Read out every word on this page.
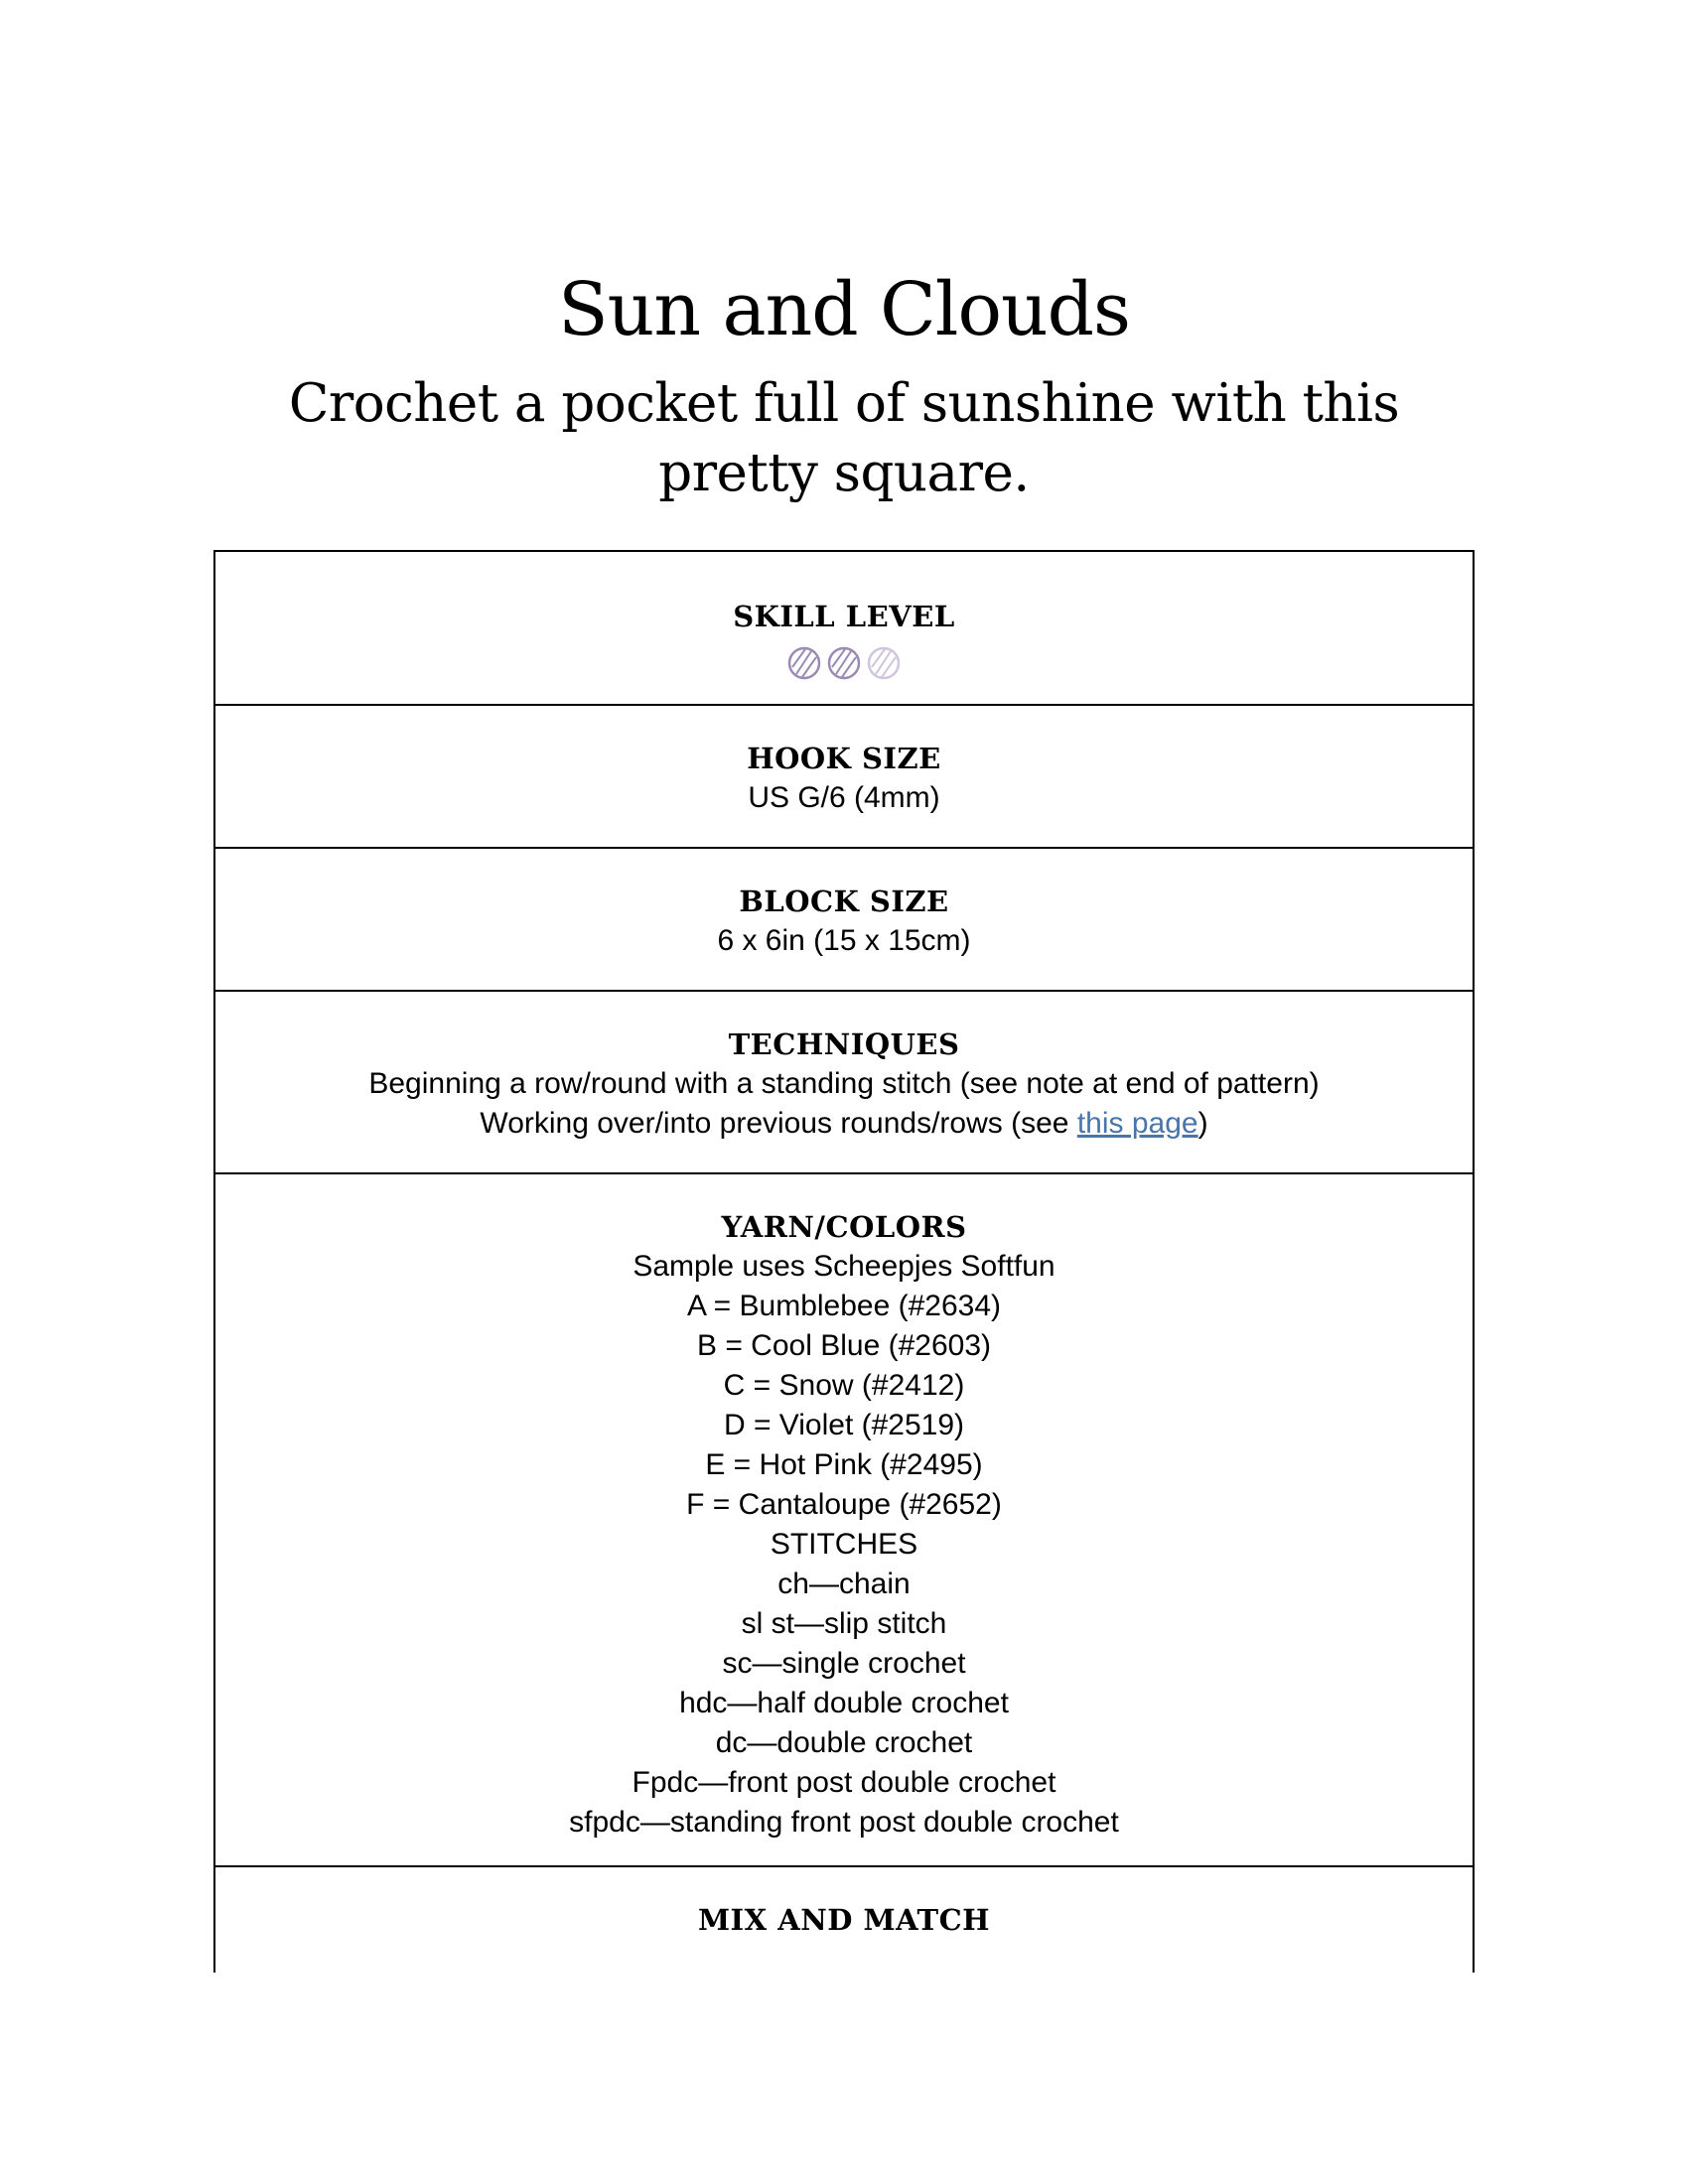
Sun and Clouds
Crochet a pocket full of sunshine with this pretty square.
SKILL LEVEL
HOOK SIZE
US G/6 (4mm)
BLOCK SIZE
6 x 6in (15 x 15cm)
TECHNIQUES
Beginning a row/round with a standing stitch (see note at end of pattern)
Working over/into previous rounds/rows (see this page)
YARN/COLORS
Sample uses Scheepjes Softfun
A = Bumblebee (#2634)
B = Cool Blue (#2603)
C = Snow (#2412)
D = Violet (#2519)
E = Hot Pink (#2495)
F = Cantaloupe (#2652)
STITCHES
ch—chain
sl st—slip stitch
sc—single crochet
hdc—half double crochet
dc—double crochet
Fpdc—front post double crochet
sfpdc—standing front post double crochet
MIX AND MATCH
